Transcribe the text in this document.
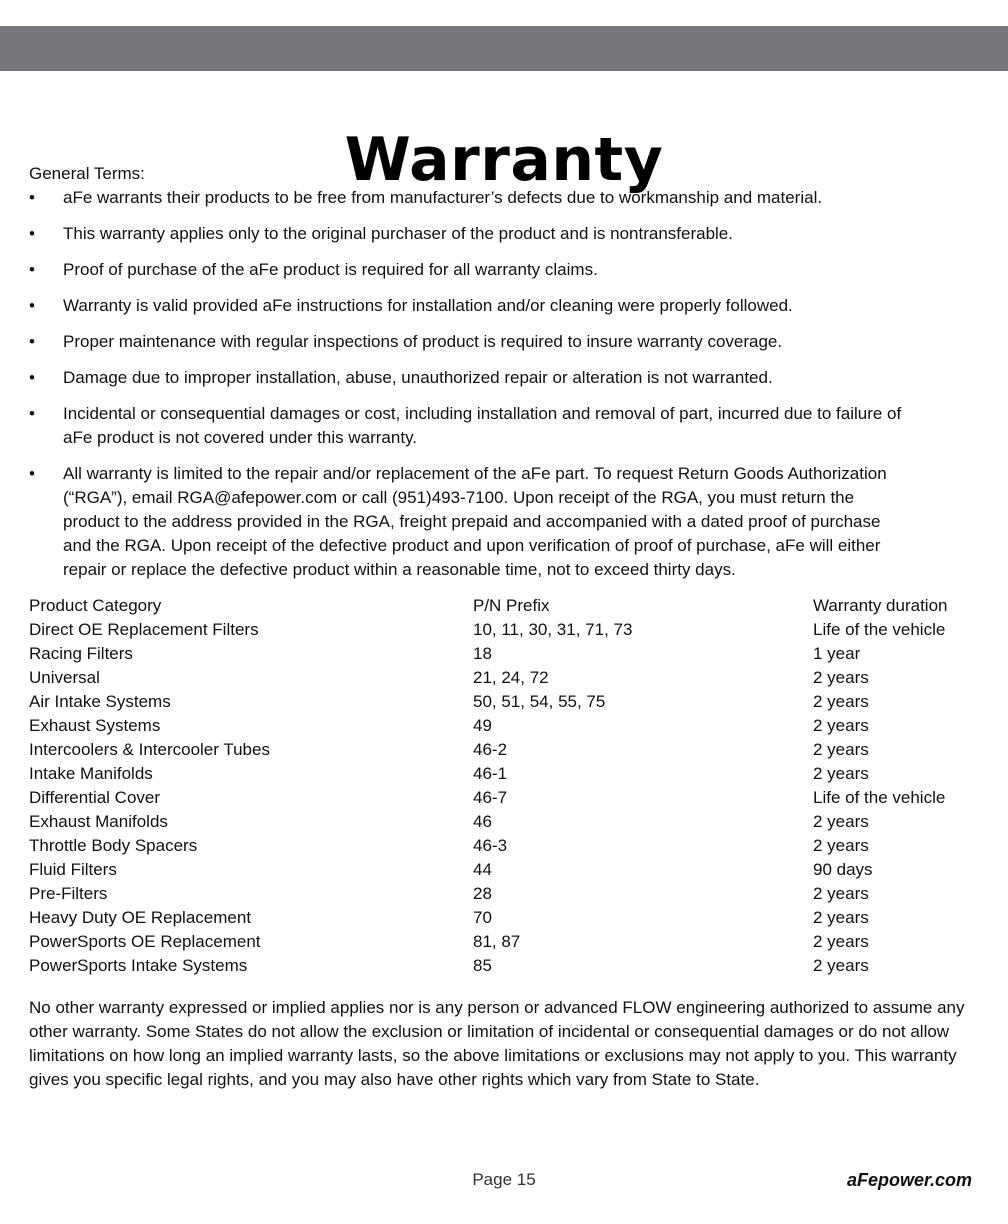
Warranty

General Terms:

• aFe warrants their products to be free from manufacturer’s defects due to workmanship and material.
• This warranty applies only to the original purchaser of the product and is nontransferable.
• Proof of purchase of the aFe product is required for all warranty claims.
• Warranty is valid provided aFe instructions for installation and/or cleaning were properly followed.
• Proper maintenance with regular inspections of product is required to insure warranty coverage.
• Damage due to improper installation, abuse, unauthorized repair or alteration is not warranted.
• Incidental or consequential damages or cost, including installation and removal of part, incurred due to failure of aFe product is not covered under this warranty.
• All warranty is limited to the repair and/or replacement of the aFe part. To request Return Goods Authorization (“RGA”), email RGA@afepower.com or call (951)493-7100. Upon receipt of the RGA, you must return the product to the address provided in the RGA, freight prepaid and accompanied with a dated proof of purchase and the RGA. Upon receipt of the defective product and upon verification of proof of purchase, aFe will either repair or replace the defective product within a reasonable time, not to exceed thirty days.
Product Category	P/N Prefix	Warranty duration
Direct OE Replacement Filters	10, 11, 30, 31, 71, 73	Life of the vehicle
Racing Filters	18	1 year
Universal	21, 24, 72	2 years
Air Intake Systems	50, 51, 54, 55, 75	2 years
Exhaust Systems	49	2 years
Intercoolers & Intercooler Tubes	46-2	2 years
Intake Manifolds	46-1	2 years
Differential Cover	46-7	Life of the vehicle
Exhaust Manifolds	46	2 years
Throttle Body Spacers	46-3	2 years
Fluid Filters	44	90 days
Pre-Filters	28	2 years
Heavy Duty OE Replacement	70	2 years
PowerSports OE Replacement	81, 87	2 years
PowerSports Intake Systems	85	2 years

No other warranty expressed or implied applies nor is any person or advanced FLOW engineering authorized to assume any other warranty. Some States do not allow the exclusion or limitation of incidental or consequential damages or do not allow limitations on how long an implied warranty lasts, so the above limitations or exclusions may not apply to you. This warranty gives you specific legal rights, and you may also have other rights which vary from State to State.

Page 15	aFepower.com
